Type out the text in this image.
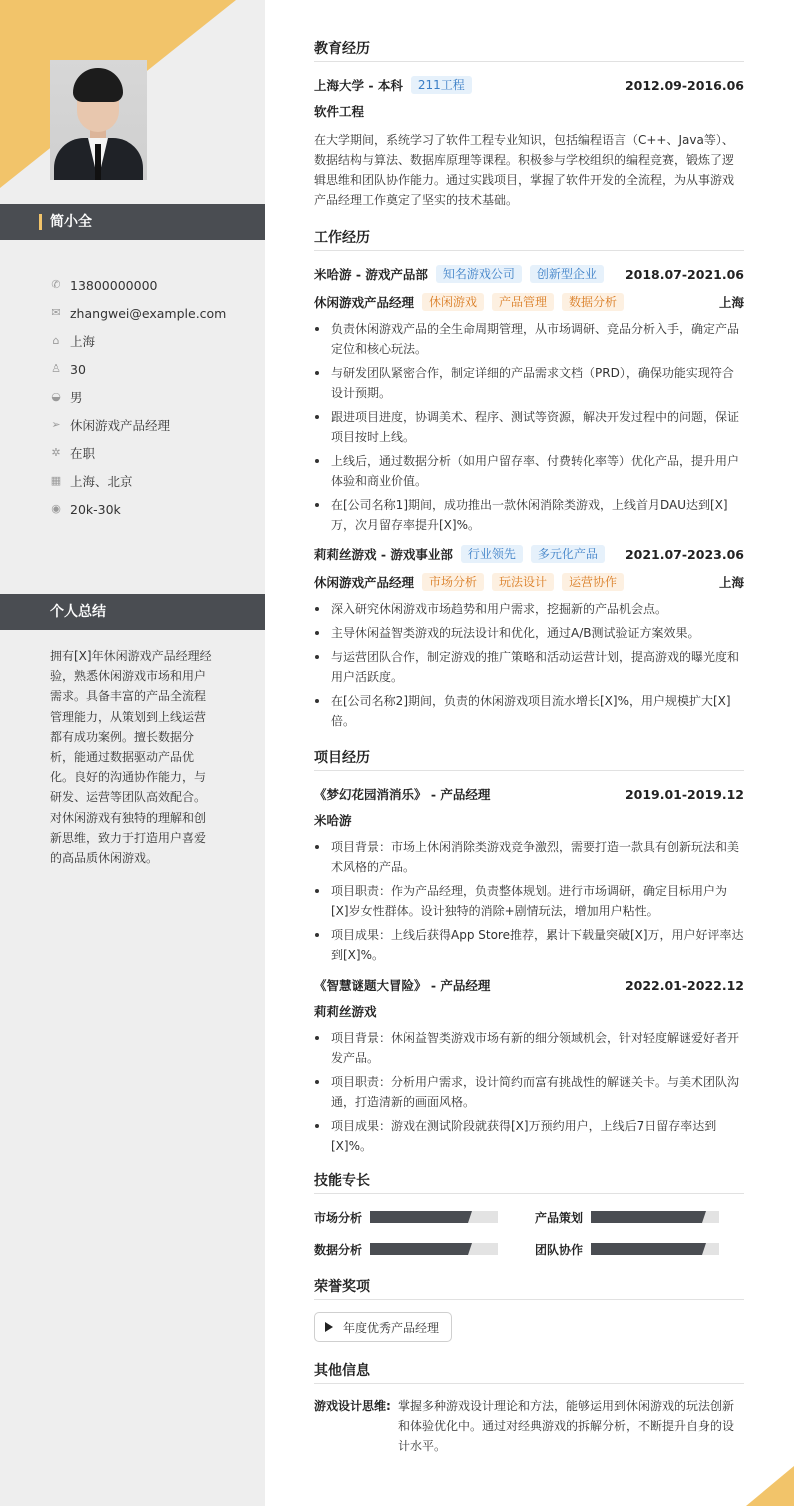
简小全
✆ 13800000000
✉ zhangwei@example.com
⌂ 上海
♙ 30
◒ 男
➢ 休闲游戏产品经理
✲ 在职
▦ 上海、北京
◉ 20k-30k
个人总结
拥有[X]年休闲游戏产品经理经验，熟悉休闲游戏市场和用户需求。具备丰富的产品全流程管理能力，从策划到上线运营都有成功案例。擅长数据分析，能通过数据驱动产品优化。良好的沟通协作能力，与研发、运营等团队高效配合。对休闲游戏有独特的理解和创新思维，致力于打造用户喜爱的高品质休闲游戏。
教育经历
上海大学 - 本科	211工程	2012.09-2016.06
软件工程
在大学期间，系统学习了软件工程专业知识，包括编程语言（C++、Java等）、数据结构与算法、数据库原理等课程。积极参与学校组织的编程竞赛，锻炼了逻辑思维和团队协作能力。通过实践项目，掌握了软件开发的全流程，为从事游戏产品经理工作奠定了坚实的技术基础。
工作经历
米哈游 - 游戏产品部	知名游戏公司	创新型企业	2018.07-2021.06
休闲游戏产品经理	休闲游戏	产品管理	数据分析	上海
负责休闲游戏产品的全生命周期管理，从市场调研、竞品分析入手，确定产品定位和核心玩法。
与研发团队紧密合作，制定详细的产品需求文档（PRD），确保功能实现符合设计预期。
跟进项目进度，协调美术、程序、测试等资源，解决开发过程中的问题，保证项目按时上线。
上线后，通过数据分析（如用户留存率、付费转化率等）优化产品，提升用户体验和商业价值。
在[公司名称1]期间，成功推出一款休闲消除类游戏，上线首月DAU达到[X]万，次月留存率提升[X]%。
莉莉丝游戏 - 游戏事业部	行业领先	多元化产品	2021.07-2023.06
休闲游戏产品经理	市场分析	玩法设计	运营协作	上海
深入研究休闲游戏市场趋势和用户需求，挖掘新的产品机会点。
主导休闲益智类游戏的玩法设计和优化，通过A/B测试验证方案效果。
与运营团队合作，制定游戏的推广策略和活动运营计划，提高游戏的曝光度和用户活跃度。
在[公司名称2]期间，负责的休闲游戏项目流水增长[X]%，用户规模扩大[X]倍。
项目经历
《梦幻花园消消乐》 - 产品经理	2019.01-2019.12
米哈游
项目背景：市场上休闲消除类游戏竞争激烈，需要打造一款具有创新玩法和美术风格的产品。
项目职责：作为产品经理，负责整体规划。进行市场调研，确定目标用户为[X]岁女性群体。设计独特的消除+剧情玩法，增加用户粘性。
项目成果：上线后获得App Store推荐，累计下载量突破[X]万，用户好评率达到[X]%。
《智慧谜题大冒险》 - 产品经理	2022.01-2022.12
莉莉丝游戏
项目背景：休闲益智类游戏市场有新的细分领域机会，针对轻度解谜爱好者开发产品。
项目职责：分析用户需求，设计简约而富有挑战性的解谜关卡。与美术团队沟通，打造清新的画面风格。
项目成果：游戏在测试阶段就获得[X]万预约用户，上线后7日留存率达到[X]%。
技能专长
市场分析	产品策划
数据分析	团队协作
荣誉奖项
年度优秀产品经理
其他信息
游戏设计思维: 掌握多种游戏设计理论和方法，能够运用到休闲游戏的玩法创新和体验优化中。通过对经典游戏的拆解分析，不断提升自身的设计水平。
